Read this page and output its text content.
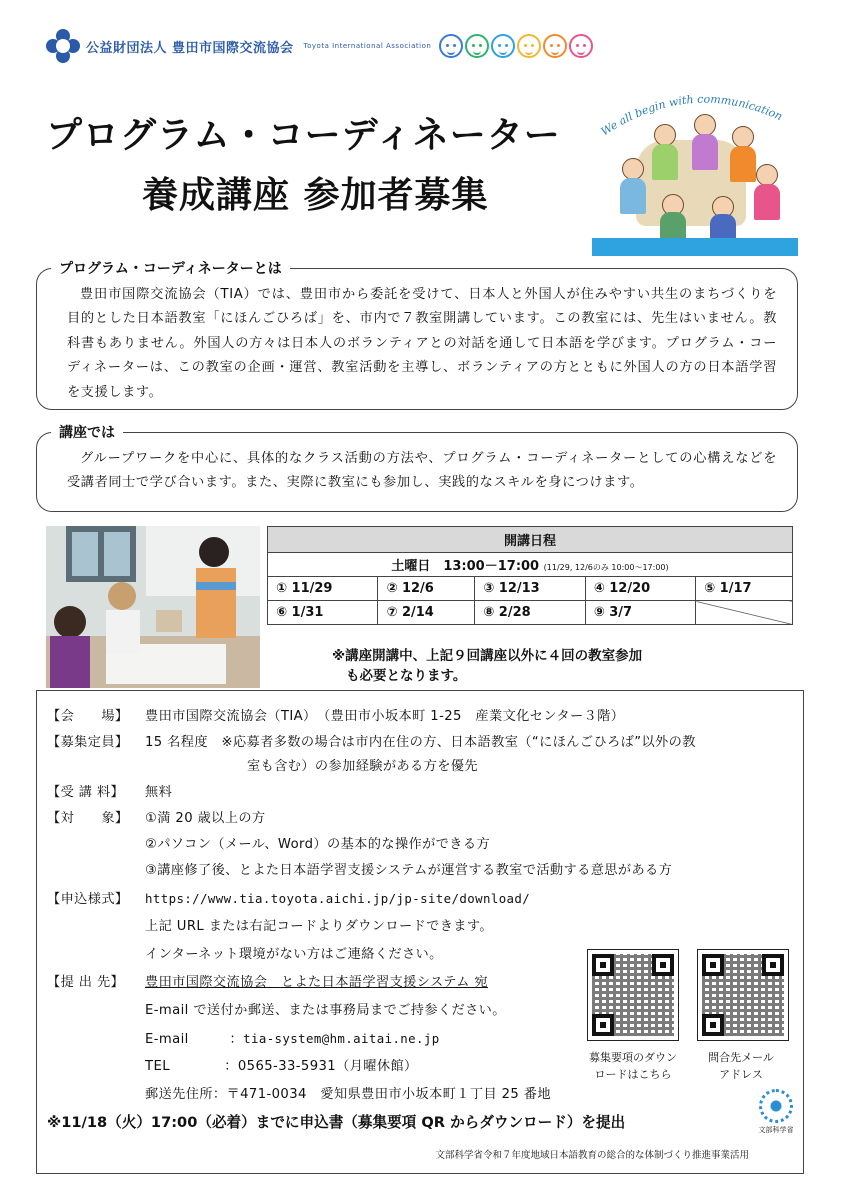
公益財団法人 豊田市国際交流協会 Toyota International Association
プログラム・コーディネーター
養成講座 参加者募集
We all begin with communication
プログラム・コーディネーターとは
豊田市国際交流協会（TIA）では、豊田市から委託を受けて、日本人と外国人が住みやすい共生のまちづくりを目的とした日本語教室「にほんごひろば」を、市内で７教室開講しています。この教室には、先生はいません。教科書もありません。外国人の方々は日本人のボランティアとの対話を通して日本語を学びます。プログラム・コーディネーターは、この教室の企画・運営、教室活動を主導し、ボランティアの方とともに外国人の方の日本語学習を支援します。
講座では
グループワークを中心に、具体的なクラス活動の方法や、プログラム・コーディネーターとしての心構えなどを受講者同士で学び合います。また、実際に教室にも参加し、実践的なスキルを身につけます。
開講日程				
土曜日　13:00－17:00 (11/29, 12/6のみ 10:00～17:00)				
① 11/29	② 12/6	③ 12/13	④ 12/20	⑤ 1/17
⑥ 1/31	⑦ 2/14	⑧ 2/28	⑨ 3/7	
※講座開講中、上記９回講座以外に４回の教室参加
も必要となります。
【会　　場】 豊田市国際交流協会（TIA）　（豊田市小坂本町 1-25　産業文化センター３階）
【募集定員】 15 名程度　※応募者多数の場合は市内在住の方、日本語教室（“にほんごひろば”以外の教
室も含む）の参加経験がある方を優先
【受 講 料】 無料
【対　　象】 ①満 20 歳以上の方
②パソコン（メール、Word）の基本的な操作ができる方
③講座修了後、とよた日本語学習支援システムが運営する教室で活動する意思がある方
【申込様式】 https://www.tia.toyota.aichi.jp/jp-site/download/
上記 URL または右記コードよりダウンロードできます。
インターネット環境がない方はご連絡ください。
【提 出 先】 豊田市国際交流協会　とよた日本語学習支援システム 宛
E-mail で送付か郵送、または事務局までご持参ください。
E-mail　　　：tia-system@hm.aitai.ne.jp
TEL　　　　：0565-33-5931（月曜休館）
郵送先住所：〒471-0034　愛知県豊田市小坂本町１丁目 25 番地
※11/18（火）17:00（必着）までに申込書（募集要項 QR からダウンロード）を提出
募集要項のダウン
ロードはこちら
問合先メール
アドレス
文部科学省
文部科学省令和７年度地域日本語教育の総合的な体制づくり推進事業活用
